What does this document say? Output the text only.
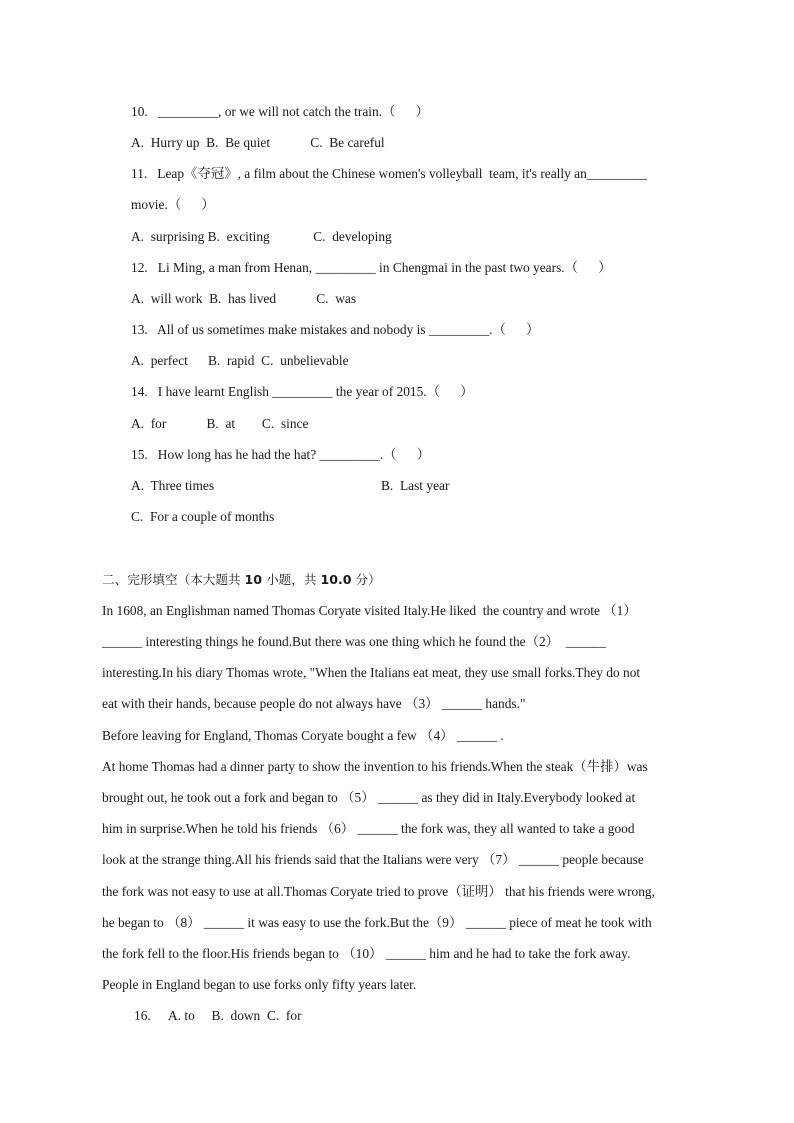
10.   _________, or we will not catch the train.（      ）
A.  Hurry up  B.  Be quiet            C.  Be careful
11.   Leap《夺冠》, a film about the Chinese women's volleyball  team, it's really an_________
movie.（      ）
A.  surprising B.  exciting             C.  developing
12.   Li Ming, a man from Henan, _________ in Chengmai in the past two years.（      ）
A.  will work  B.  has lived            C.  was
13.   All of us sometimes make mistakes and nobody is _________.（      ）
A.  perfect      B.  rapid  C.  unbelievable
14.   I have learnt English _________ the year of 2015.（      ）
A.  for            B.  at        C.  since
15.   How long has he had the hat? _________.（      ）
A.  Three times	B.  Last year
C.  For a couple of months
二、完形填空（本大题共 10 小题，共 10.0 分）
In 1608, an Englishman named Thomas Coryate visited Italy.He liked  the country and wrote （1）
______ interesting things he found.But there was one thing which he found the（2）  ______
interesting.In his diary Thomas wrote, "When the Italians eat meat, they use small forks.They do not
eat with their hands, because people do not always have （3） ______ hands."
Before leaving for England, Thomas Coryate bought a few （4） ______ .
At home Thomas had a dinner party to show the invention to his friends.When the steak（牛排）was
brought out, he took out a fork and began to （5） ______ as they did in Italy.Everybody looked at
him in surprise.When he told his friends （6） ______ the fork was, they all wanted to take a good
look at the strange thing.All his friends said that the Italians were very （7） ______ people because
the fork was not easy to use at all.Thomas Coryate tried to prove（证明） that his friends were wrong,
he began to （8） ______ it was easy to use the fork.But the（9） ______ piece of meat he took with
the fork fell to the floor.His friends began to （10） ______ him and he had to take the fork away.
People in England began to use forks only fifty years later.
16. A. to     B.  down  C.  for
